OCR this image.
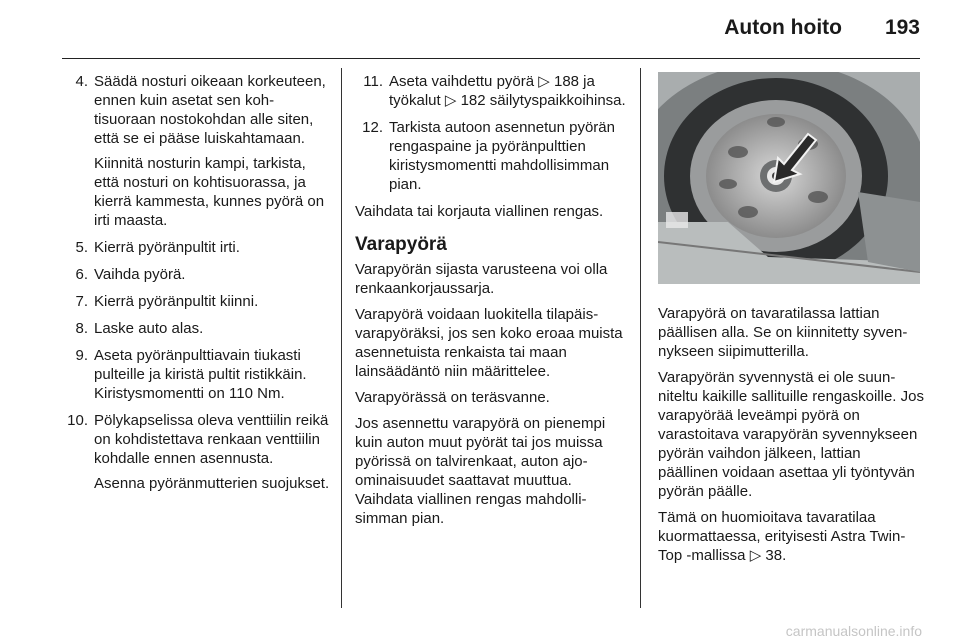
Auton hoito 193
4. Säädä nosturi oikeaan korkeuteen, ennen kuin asetat sen kohtisuoraan nostokohdan alle siten, että se ei pääse luiskahtamaan.

Kiinnitä nosturin kampi, tarkista, että nosturi on kohtisuorassa, ja kierrä kammesta, kunnes pyörä on irti maasta.

5. Kierrä pyöränpultit irti.

6. Vaihda pyörä.

7. Kierrä pyöränpultit kiinni.

8. Laske auto alas.

9. Aseta pyöränpulttiavain tiukasti pulteille ja kiristä pultit ristikkäin. Kiristysmomentti on 110 Nm.

10. Pölykapselissa oleva venttiilin reikä on kohdistettava renkaan venttiilin kohdalle ennen asennusta.

Asenna pyöränmutterien suojukset.

11. Aseta vaihdettu pyörä ▷ 188 ja työkalut ▷ 182 säilytyspaikkoihinsa.

12. Tarkista autoon asennetun pyörän rengaspaine ja pyöränpulttien kiristysmomentti mahdollisimman pian.

Vaihdata tai korjauta viallinen rengas.

Varapyörä

Varapyörän sijasta varusteena voi olla renkaankorjaussarja.

Varapyörä voidaan luokitella tilapäisvarapyöräksi, jos sen koko eroaa muista asennetuista renkaista tai maan lainsäädäntö niin määrittelee.

Varapyörässä on teräsvanne.

Jos asennettu varapyörä on pienempi kuin auton muut pyörät tai jos muissa pyörissä on talvirenkaat, auton ajoominaisuudet saattavat muuttua. Vaihdata viallinen rengas mahdollisimman pian.

Varapyörä on tavaratilassa lattian päällisen alla. Se on kiinnitetty syvennykseen siipimutterilla.

Varapyörän syvennystä ei ole suunniteltu kaikille sallituille rengaskoille. Jos varapyörää leveämpi pyörä on varastoitava varapyörän syvennykseen pyörän vaihdon jälkeen, lattian päällinen voidaan asettaa yli työntyvän pyörän päälle.

Tämä on huomioitava tavaratilaa kuormattaessa, erityisesti Astra TwinTop -mallissa ▷ 38.

carmanualsonline.info
